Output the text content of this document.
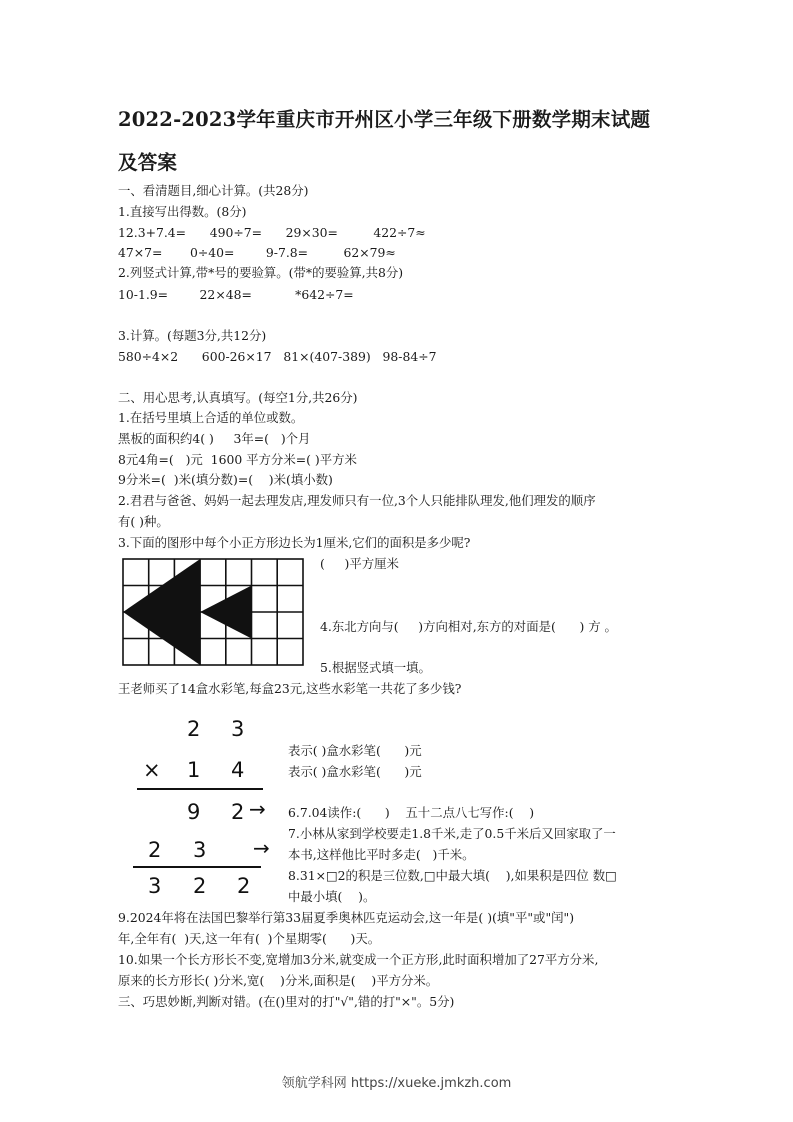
2022-2023学年重庆市开州区小学三年级下册数学期末试题
及答案
一、看清题目,细心计算。(共28分)
1.直接写出得数。(8分)
12.3+7.4=      490÷7=      29×30=         422÷7≈
47×7=       0÷40=        9-7.8=         62×79≈
2.列竖式计算,带*号的要验算。(带*的要验算,共8分)
10-1.9=        22×48=           *642÷7=
3.计算。(每题3分,共12分)
580÷4×2      600-26×17   81×(407-389)   98-84÷7
二、用心思考,认真填写。(每空1分,共26分)
1.在括号里填上合适的单位或数。
黑板的面积约4( )     3年=(   )个月
8元4角=(   )元  1600 平方分米=( )平方米
9分米=(  )米(填分数)=(    )米(填小数)
2.君君与爸爸、妈妈一起去理发店,理发师只有一位,3个人只能排队理发,他们理发的顺序
有( )种。
3.下面的图形中每个小正方形边长为1厘米,它们的面积是多少呢?
(     )平方厘米
4.东北方向与(     )方向相对,东方的对面是(      ) 方 。
5.根据竖式填一填。
王老师买了14盒水彩笔,每盒23元,这些水彩笔一共花了多少钱?
表示( )盒水彩笔(      )元
表示( )盒水彩笔(      )元
6.7.04读作:(      )    五十二点八七写作:(    )
7.小林从家到学校要走1.8千米,走了0.5千米后又回家取了一
本书,这样他比平时多走(   )千米。
8.31×□2的积是三位数,□中最大填(    ),如果积是四位 数□
中最小填(    )。
9.2024年将在法国巴黎举行第33届夏季奥林匹克运动会,这一年是( )(填"平"或"闰")
年,全年有(  )天,这一年有(  )个星期零(      )天。
10.如果一个长方形长不变,宽增加3分米,就变成一个正方形,此时面积增加了27平方分米,
原来的长方形长( )分米,宽(    )分米,面积是(    )平方分米。
三、巧思妙断,判断对错。(在()里对的打"√",错的打"×"。5分)
2 3
× 1 4
9 2
2 3
3 2 2
→
→
领航学科网 https://xueke.jmkzh.com
